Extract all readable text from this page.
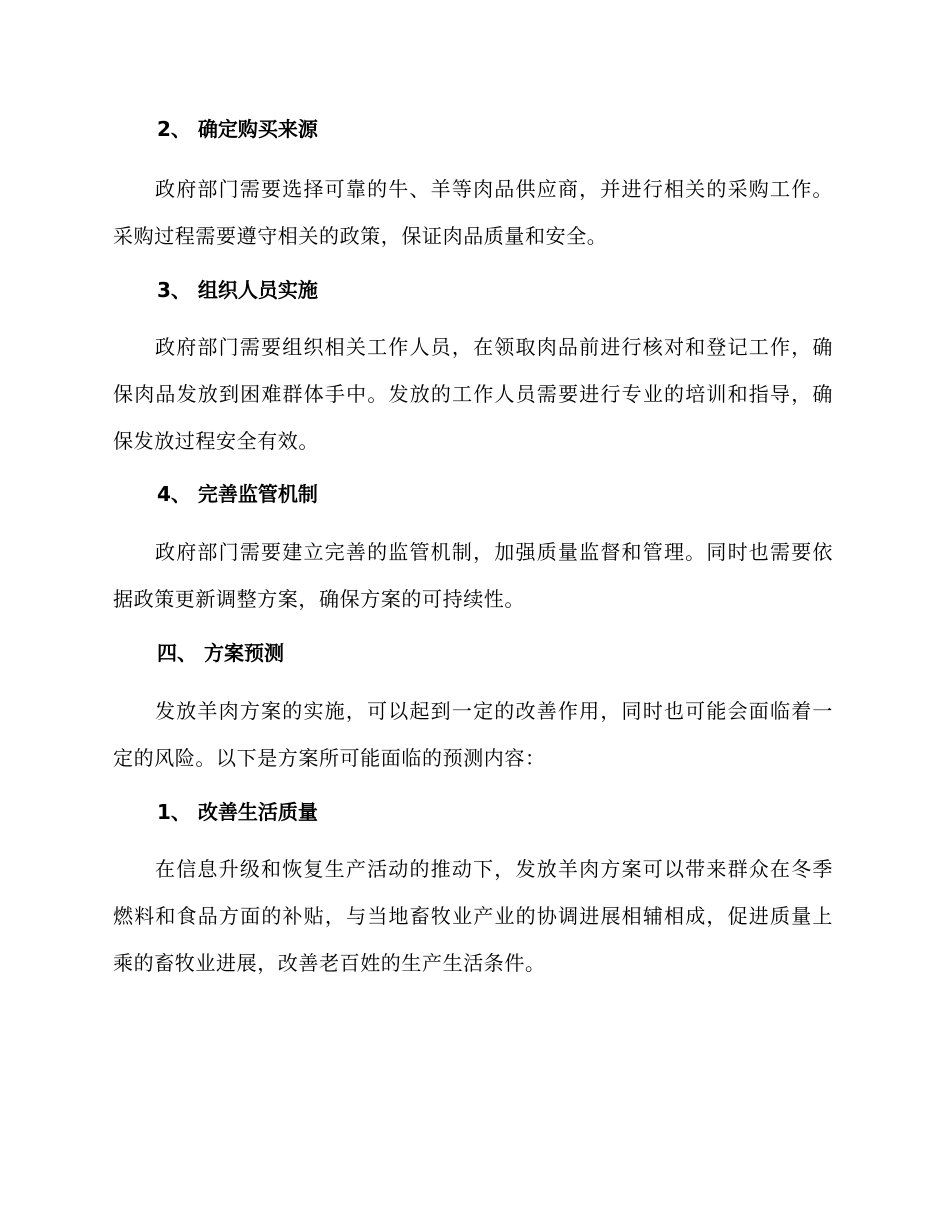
2、 确定购买来源

政府部门需要选择可靠的牛、羊等肉品供应商，并进行相关的采购工作。采购过程需要遵守相关的政策，保证肉品质量和安全。

3、 组织人员实施

政府部门需要组织相关工作人员，在领取肉品前进行核对和登记工作，确保肉品发放到困难群体手中。发放的工作人员需要进行专业的培训和指导，确保发放过程安全有效。

4、 完善监管机制

政府部门需要建立完善的监管机制，加强质量监督和管理。同时也需要依据政策更新调整方案，确保方案的可持续性。

四、 方案预测

发放羊肉方案的实施，可以起到一定的改善作用，同时也可能会面临着一定的风险。以下是方案所可能面临的预测内容：

1、 改善生活质量

在信息升级和恢复生产活动的推动下，发放羊肉方案可以带来群众在冬季燃料和食品方面的补贴，与当地畜牧业产业的协调进展相辅相成，促进质量上乘的畜牧业进展，改善老百姓的生产生活条件。
